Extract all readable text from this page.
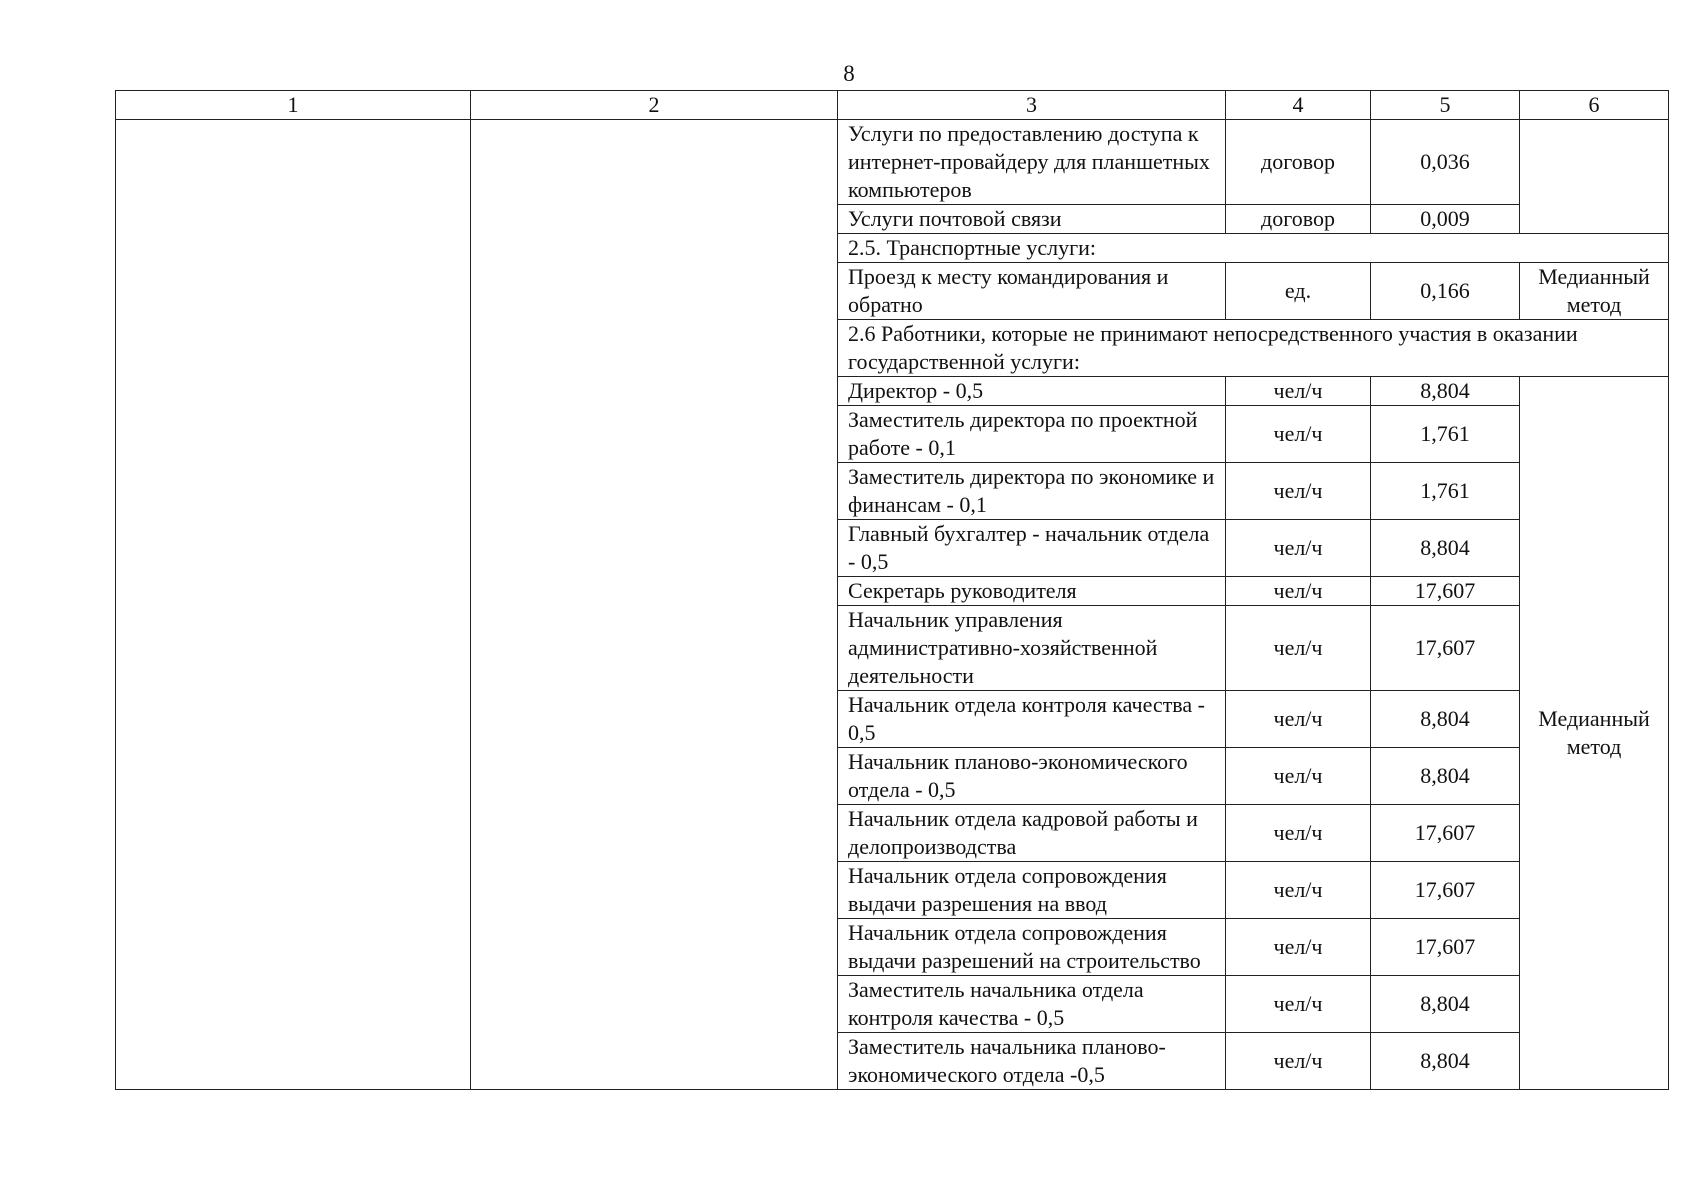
8
1	2	3	4	5	6
		Услуги по предоставлению доступа к интернет-провайдеру для планшетных компьютеров	договор	0,036	
		Услуги почтовой связи	договор	0,009	
		2.5. Транспортные услуги:			
		Проезд к месту командирования и обратно	ед.	0,166	Медианный метод
		2.6 Работники, которые не принимают непосредственного участия в оказании государственной услуги:			
		Директор - 0,5	чел/ч	8,804	Медианный метод
		Заместитель директора по проектной работе - 0,1	чел/ч	1,761	
		Заместитель директора по экономике и финансам - 0,1	чел/ч	1,761	
		Главный бухгалтер - начальник отдела - 0,5	чел/ч	8,804	
		Секретарь руководителя	чел/ч	17,607	
		Начальник управления административно-хозяйственной деятельности	чел/ч	17,607	
		Начальник отдела контроля качества - 0,5	чел/ч	8,804	
		Начальник планово-экономического отдела - 0,5	чел/ч	8,804	
		Начальник отдела кадровой работы и делопроизводства	чел/ч	17,607	
		Начальник отдела сопровождения выдачи разрешения на ввод	чел/ч	17,607	
		Начальник отдела сопровождения выдачи разрешений на строительство	чел/ч	17,607	
		Заместитель начальника отдела контроля качества - 0,5	чел/ч	8,804	
		Заместитель начальника планово-экономического отдела -0,5	чел/ч	8,804	
